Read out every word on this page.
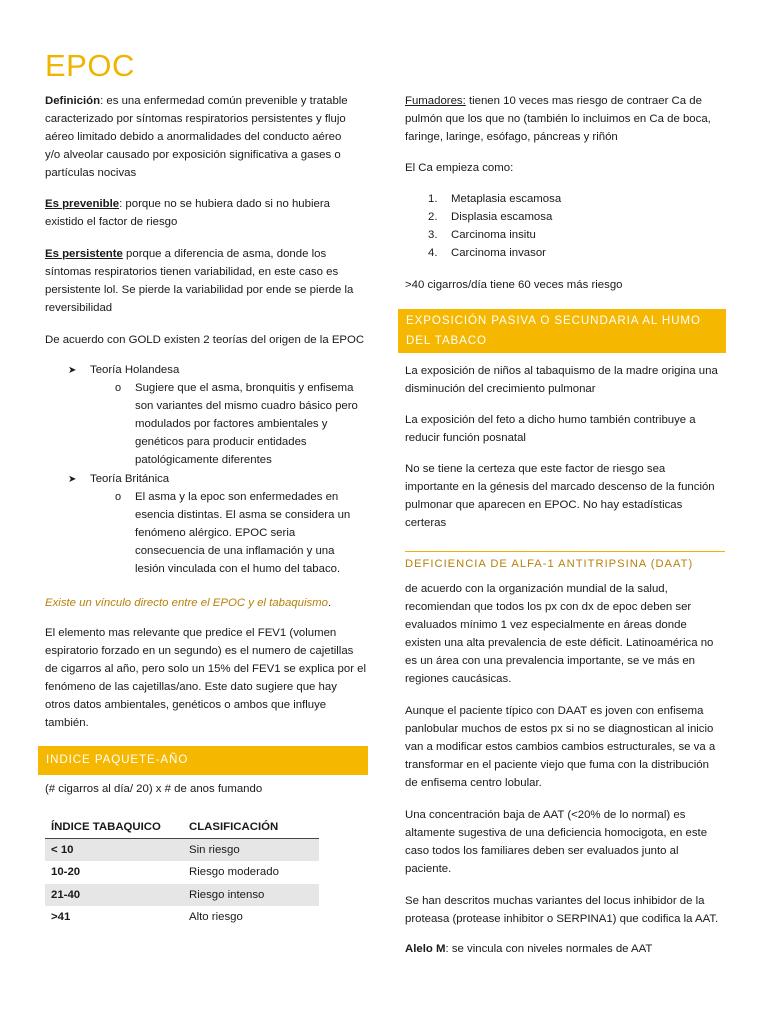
EPOC
Definición: es una enfermedad común prevenible y tratable
caracterizado por síntomas respiratorios persistentes y flujo
aéreo limitado debido a anormalidades del conducto aéreo
y/o alveolar causado por exposición significativa a gases o
partículas nocivas
Es prevenible: porque no se hubiera dado si no hubiera
existido el factor de riesgo
Es persistente porque a diferencia de asma, donde los
síntomas respiratorios tienen variabilidad, en este caso es
persistente lol. Se pierde la variabilidad por ende se pierde la
reversibilidad
De acuerdo con GOLD existen 2 teorías del origen de la EPOC
➤ Teoría Holandesa
o Sugiere que el asma, bronquitis y enfisema
son variantes del mismo cuadro básico pero
modulados por factores ambientales y
genéticos para producir entidades
patológicamente diferentes
➤ Teoría Británica
o El asma y la epoc son enfermedades en
esencia distintas. El asma se considera un
fenómeno alérgico. EPOC seria
consecuencia de una inflamación y una
lesión vinculada con el humo del tabaco.
Existe un vínculo directo entre el EPOC y el tabaquismo.
El elemento mas relevante que predice el FEV1 (volumen
espiratorio forzado en un segundo) es el numero de cajetillas
de cigarros al año, pero solo un 15% del FEV1 se explica por el
fenómeno de las cajetillas/ano. Este dato sugiere que hay
otros datos ambientales, genéticos o ambos que influye
también.
INDICE PAQUETE-AÑO
(# cigarros al día/ 20) x # de anos fumando
ÍNDICE TABAQUICO	CLASIFICACIÓN
< 10	Sin riesgo
10-20	Riesgo moderado
21-40	Riesgo intenso
>41	Alto riesgo
Fumadores: tienen 10 veces mas riesgo de contraer Ca de
pulmón que los que no (también lo incluimos en Ca de boca,
faringe, laringe, esófago, páncreas y riñón
El Ca empieza como:
1. Metaplasia escamosa
2. Displasia escamosa
3. Carcinoma insitu
4. Carcinoma invasor
>40 cigarros/día tiene 60 veces más riesgo
EXPOSICIÓN PASIVA O SECUNDARIA AL HUMO
DEL TABACO
La exposición de niños al tabaquismo de la madre origina una
disminución del crecimiento pulmonar
La exposición del feto a dicho humo también contribuye a
reducir función posnatal
No se tiene la certeza que este factor de riesgo sea
importante en la génesis del marcado descenso de la función
pulmonar que aparecen en EPOC. No hay estadísticas
certeras
DEFICIENCIA DE ALFA-1 ANTITRIPSINA (DAAT)
de acuerdo con la organización mundial de la salud,
recomiendan que todos los px con dx de epoc deben ser
evaluados mínimo 1 vez especialmente en áreas donde
existen una alta prevalencia de este déficit. Latinoamérica no
es un área con una prevalencia importante, se ve más en
regiones caucásicas.
Aunque el paciente típico con DAAT es joven con enfisema
panlobular muchos de estos px si no se diagnostican al inicio
van a modificar estos cambios cambios estructurales, se va a
transformar en el paciente viejo que fuma con la distribución
de enfisema centro lobular.
Una concentración baja de AAT (<20% de lo normal) es
altamente sugestiva de una deficiencia homocigota, en este
caso todos los familiares deben ser evaluados junto al
paciente.
Se han descritos muchas variantes del locus inhibidor de la
proteasa (protease inhibitor o SERPINA1) que codifica la AAT.
Alelo M: se vincula con niveles normales de AAT
